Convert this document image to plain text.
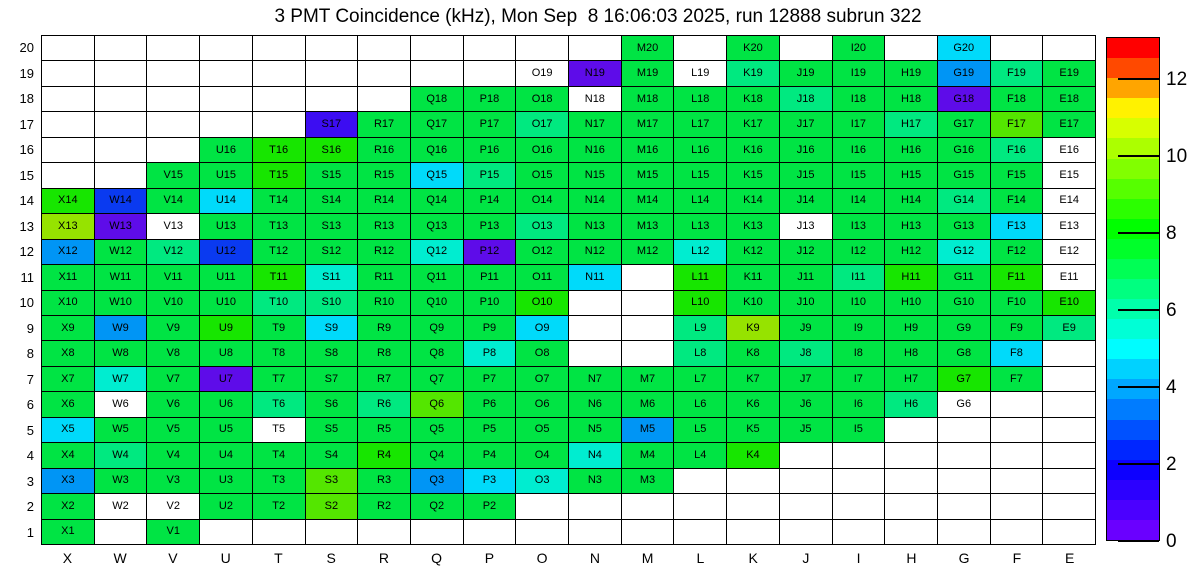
3 PMT Coincidence (kHz), Mon Sep  8 16:06:03 2025, run 12888 subrun 322
M20	K20	I20	G20
O19	N19	M19	L19	K19	J19	I19	H19	G19	F19	E19
Q18	P18	O18	N18	M18	L18	K18	J18	I18	H18	G18	F18	E18
S17	R17	Q17	P17	O17	N17	M17	L17	K17	J17	I17	H17	G17	F17	E17
U16	T16	S16	R16	Q16	P16	O16	N16	M16	L16	K16	J16	I16	H16	G16	F16	E16
V15	U15	T15	S15	R15	Q15	P15	O15	N15	M15	L15	K15	J15	I15	H15	G15	F15	E15
X14	W14	V14	U14	T14	S14	R14	Q14	P14	O14	N14	M14	L14	K14	J14	I14	H14	G14	F14	E14
X13	W13	V13	U13	T13	S13	R13	Q13	P13	O13	N13	M13	L13	K13	J13	I13	H13	G13	F13	E13
X12	W12	V12	U12	T12	S12	R12	Q12	P12	O12	N12	M12	L12	K12	J12	I12	H12	G12	F12	E12
X11	W11	V11	U11	T11	S11	R11	Q11	P11	O11	N11	L11	K11	J11	I11	H11	G11	F11	E11
X10	W10	V10	U10	T10	S10	R10	Q10	P10	O10	L10	K10	J10	I10	H10	G10	F10	E10
X9	W9	V9	U9	T9	S9	R9	Q9	P9	O9	L9	K9	J9	I9	H9	G9	F9	E9
X8	W8	V8	U8	T8	S8	R8	Q8	P8	O8	L8	K8	J8	I8	H8	G8	F8
X7	W7	V7	U7	T7	S7	R7	Q7	P7	O7	N7	M7	L7	K7	J7	I7	H7	G7	F7
X6	W6	V6	U6	T6	S6	R6	Q6	P6	O6	N6	M6	L6	K6	J6	I6	H6	G6
X5	W5	V5	U5	T5	S5	R5	Q5	P5	O5	N5	M5	L5	K5	J5	I5
X4	W4	V4	U4	T4	S4	R4	Q4	P4	O4	N4	M4	L4	K4
X3	W3	V3	U3	T3	S3	R3	Q3	P3	O3	N3	M3
X2	W2	V2	U2	T2	S2	R2	Q2	P2
X1	V1
20
19
18
17
16
15
14
13
12
11
10
9
8
7
6
5
4
3
2
1
X	W	V	U	T	S	R	Q	P	O	N	M	L	K	J	I	H	G	F	E
0
2
4
6
8
10
12
